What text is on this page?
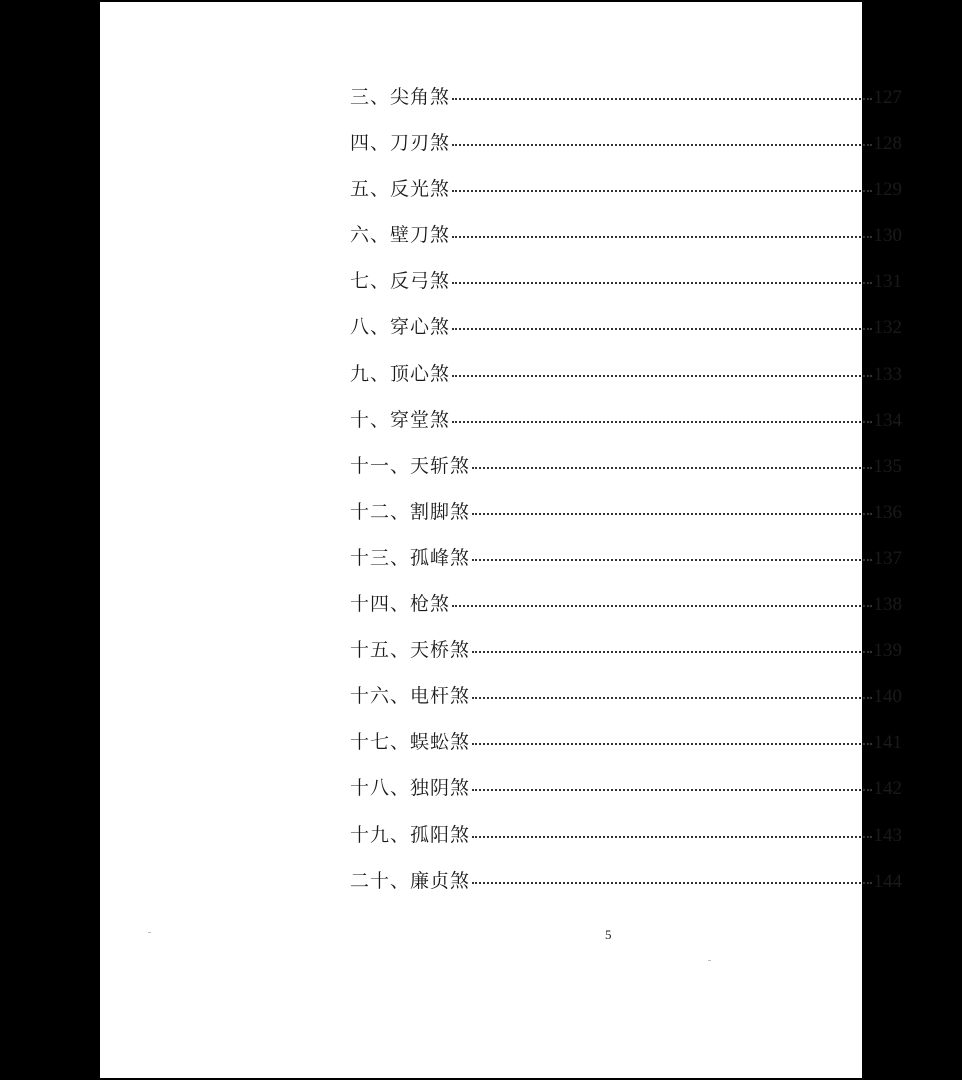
三、尖角煞	127
四、刀刃煞	128
五、反光煞	129
六、壁刀煞	130
七、反弓煞	131
八、穿心煞	132
九、顶心煞	133
十、穿堂煞	134
十一、天斩煞	135
十二、割脚煞	136
十三、孤峰煞	137
十四、枪煞	138
十五、天桥煞	139
十六、电杆煞	140
十七、蜈蚣煞	141
十八、独阴煞	142
十九、孤阳煞	143
二十、廉贞煞	144
5
